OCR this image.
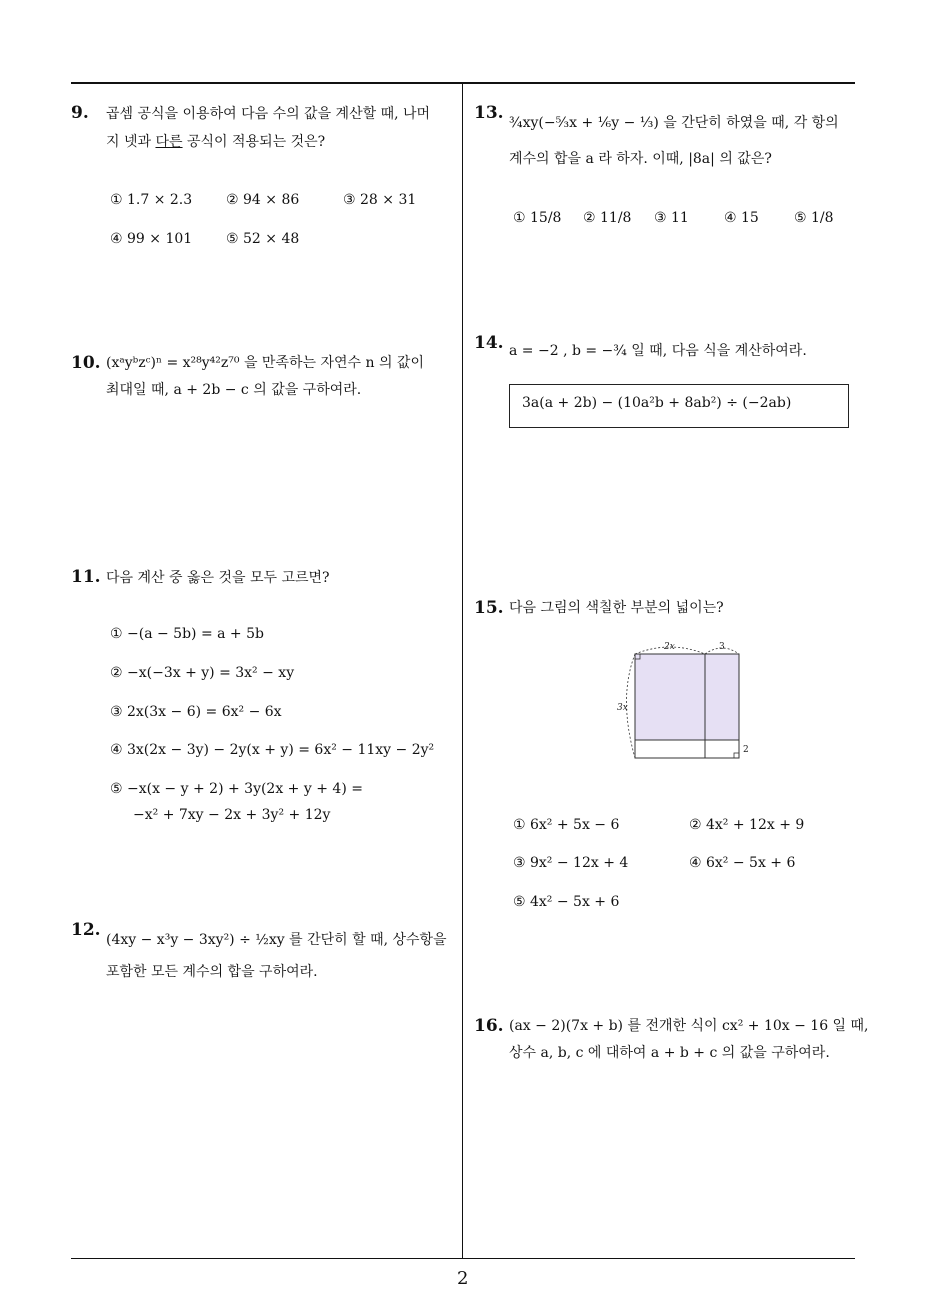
9. 곱셈 공식을 이용하여 다음 수의 값을 계산할 때, 나머
지 넷과 다른 공식이 적용되는 것은?
① 1.7 × 2.3 ② 94 × 86	③ 28 × 31
④ 99 × 101 ⑤ 52 × 48
10. (xᵃyᵇzᶜ)ⁿ = x²⁸y⁴²z⁷⁰ 을 만족하는 자연수 n 의 값이
최대일 때, a + 2b − c 의 값을 구하여라.
11. 다음 계산 중 옳은 것을 모두 고르면?
① −(a − 5b) = a + 5b
② −x(−3x + y) = 3x² − xy
③ 2x(3x − 6) = 6x² − 6x
④ 3x(2x − 3y) − 2y(x + y) = 6x² − 11xy − 2y²
⑤ −x(x − y + 2) + 3y(2x + y + 4) =
−x² + 7xy − 2x + 3y² + 12y
12. (4xy − x³y − 3xy²) ÷ ½xy 를 간단히 할 때, 상수항을
포함한 모든 계수의 합을 구하여라.
13. ¾xy(−⁵⁄₃x + ⅙y − ⅓) 을 간단히 하였을 때, 각 항의
계수의 합을 a 라 하자. 이때, |8a| 의 값은?
① 15/8 ② 11/8 ③ 11	④ 15	⑤ 1/8
14. a = −2 , b = −¾ 일 때, 다음 식을 계산하여라.
3a(a + 2b) − (10a²b + 8ab²) ÷ (−2ab)
15. 다음 그림의 색칠한 부분의 넓이는?
2x	3
3x
2
① 6x² + 5x − 6	② 4x² + 12x + 9
③ 9x² − 12x + 4	④ 6x² − 5x + 6
⑤ 4x² − 5x + 6
16. (ax − 2)(7x + b) 를 전개한 식이 cx² + 10x − 16 일 때,
상수 a, b, c 에 대하여 a + b + c 의 값을 구하여라.
2
